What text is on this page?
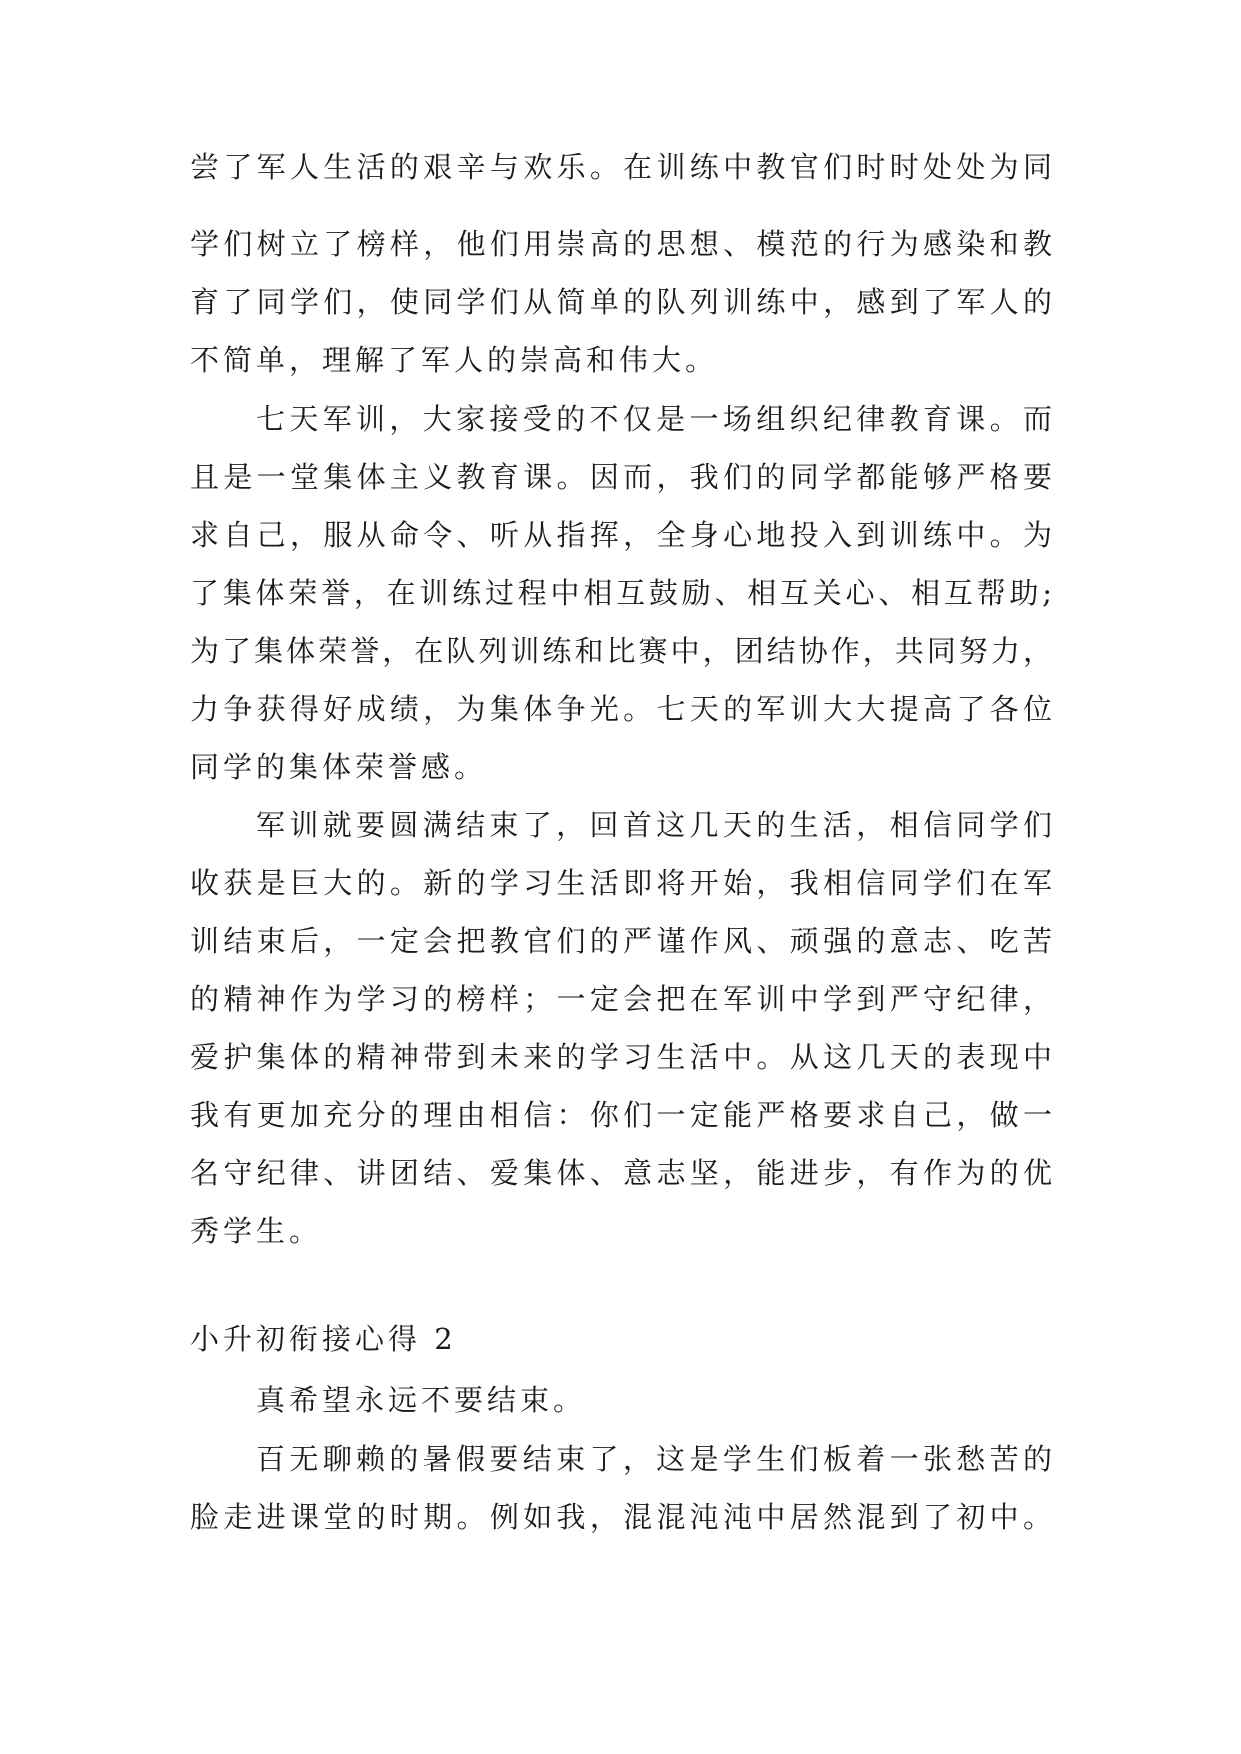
尝了军人生活的艰辛与欢乐。在训练中教官们时时处处为同
学们树立了榜样，他们用崇高的思想、模范的行为感染和教
育了同学们，使同学们从简单的队列训练中，感到了军人的
不简单，理解了军人的崇高和伟大。
七天军训，大家接受的不仅是一场组织纪律教育课。而
且是一堂集体主义教育课。因而，我们的同学都能够严格要
求自己，服从命令、听从指挥，全身心地投入到训练中。为
了集体荣誉，在训练过程中相互鼓励、相互关心、相互帮助;
为了集体荣誉，在队列训练和比赛中，团结协作，共同努力，
力争获得好成绩，为集体争光。七天的军训大大提高了各位
同学的集体荣誉感。
军训就要圆满结束了，回首这几天的生活，相信同学们
收获是巨大的。新的学习生活即将开始，我相信同学们在军
训结束后，一定会把教官们的严谨作风、顽强的意志、吃苦
的精神作为学习的榜样；一定会把在军训中学到严守纪律，
爱护集体的精神带到未来的学习生活中。从这几天的表现中
我有更加充分的理由相信：你们一定能严格要求自己，做一
名守纪律、讲团结、爱集体、意志坚，能进步，有作为的优
秀学生。
小升初衔接心得 2
真希望永远不要结束。
百无聊赖的暑假要结束了，这是学生们板着一张愁苦的
脸走进课堂的时期。例如我，混混沌沌中居然混到了初中。
